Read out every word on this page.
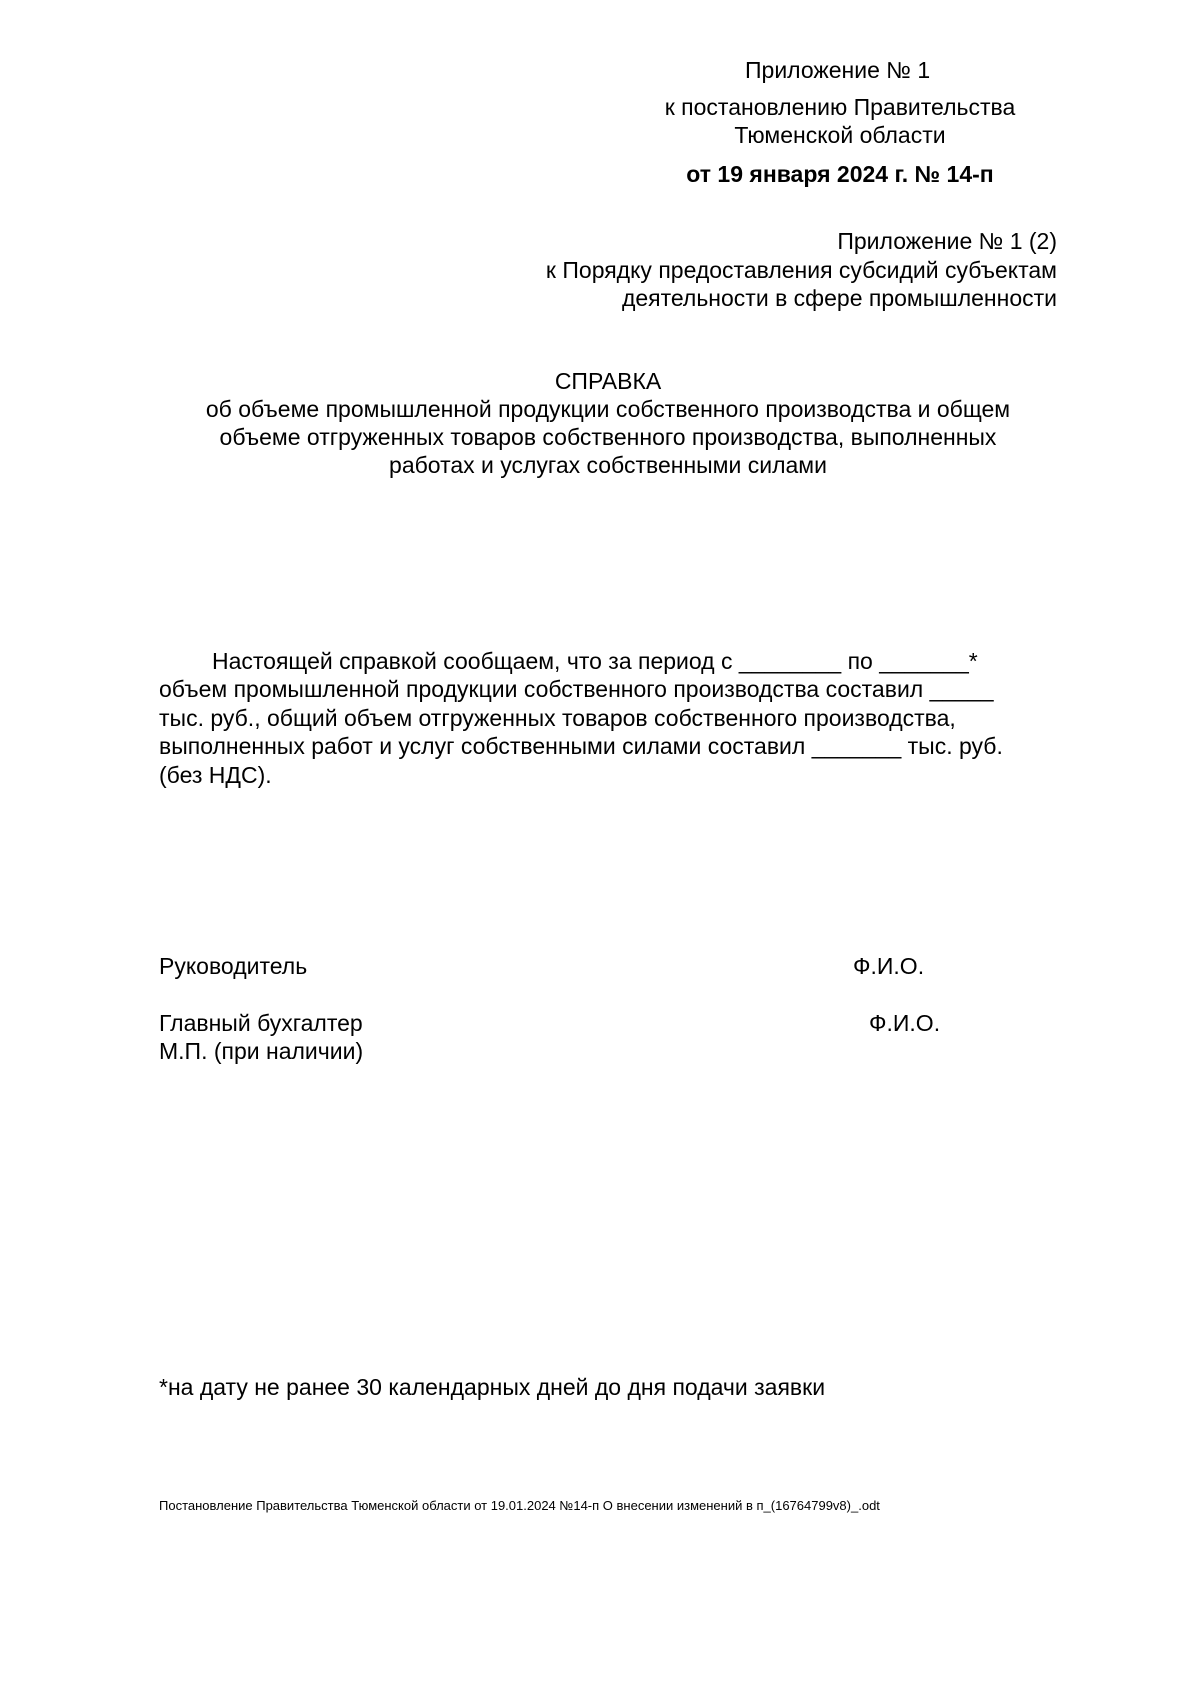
Приложение № 1
к постановлению Правительства
Тюменской области
от 19 января 2024 г. № 14-п
Приложение № 1 (2)
к Порядку предоставления субсидий субъектам
деятельности в сфере промышленности
СПРАВКА
об объеме промышленной продукции собственного производства и общем
объеме отгруженных товаров собственного производства, выполненных
работах и услугах собственными силами
Настоящей справкой сообщаем, что за период с ________ по _______*
объем промышленной продукции собственного производства составил _____
тыс. руб., общий объем отгруженных товаров собственного производства,
выполненных работ и услуг собственными силами составил _______ тыс. руб.
(без НДС).
Руководитель	Ф.И.О.
Главный бухгалтер	Ф.И.О.
М.П. (при наличии)
*на дату не ранее 30 календарных дней до дня подачи заявки
Постановление Правительства Тюменской области от 19.01.2024 №14-п О внесении изменений в п_(16764799v8)_.odt
